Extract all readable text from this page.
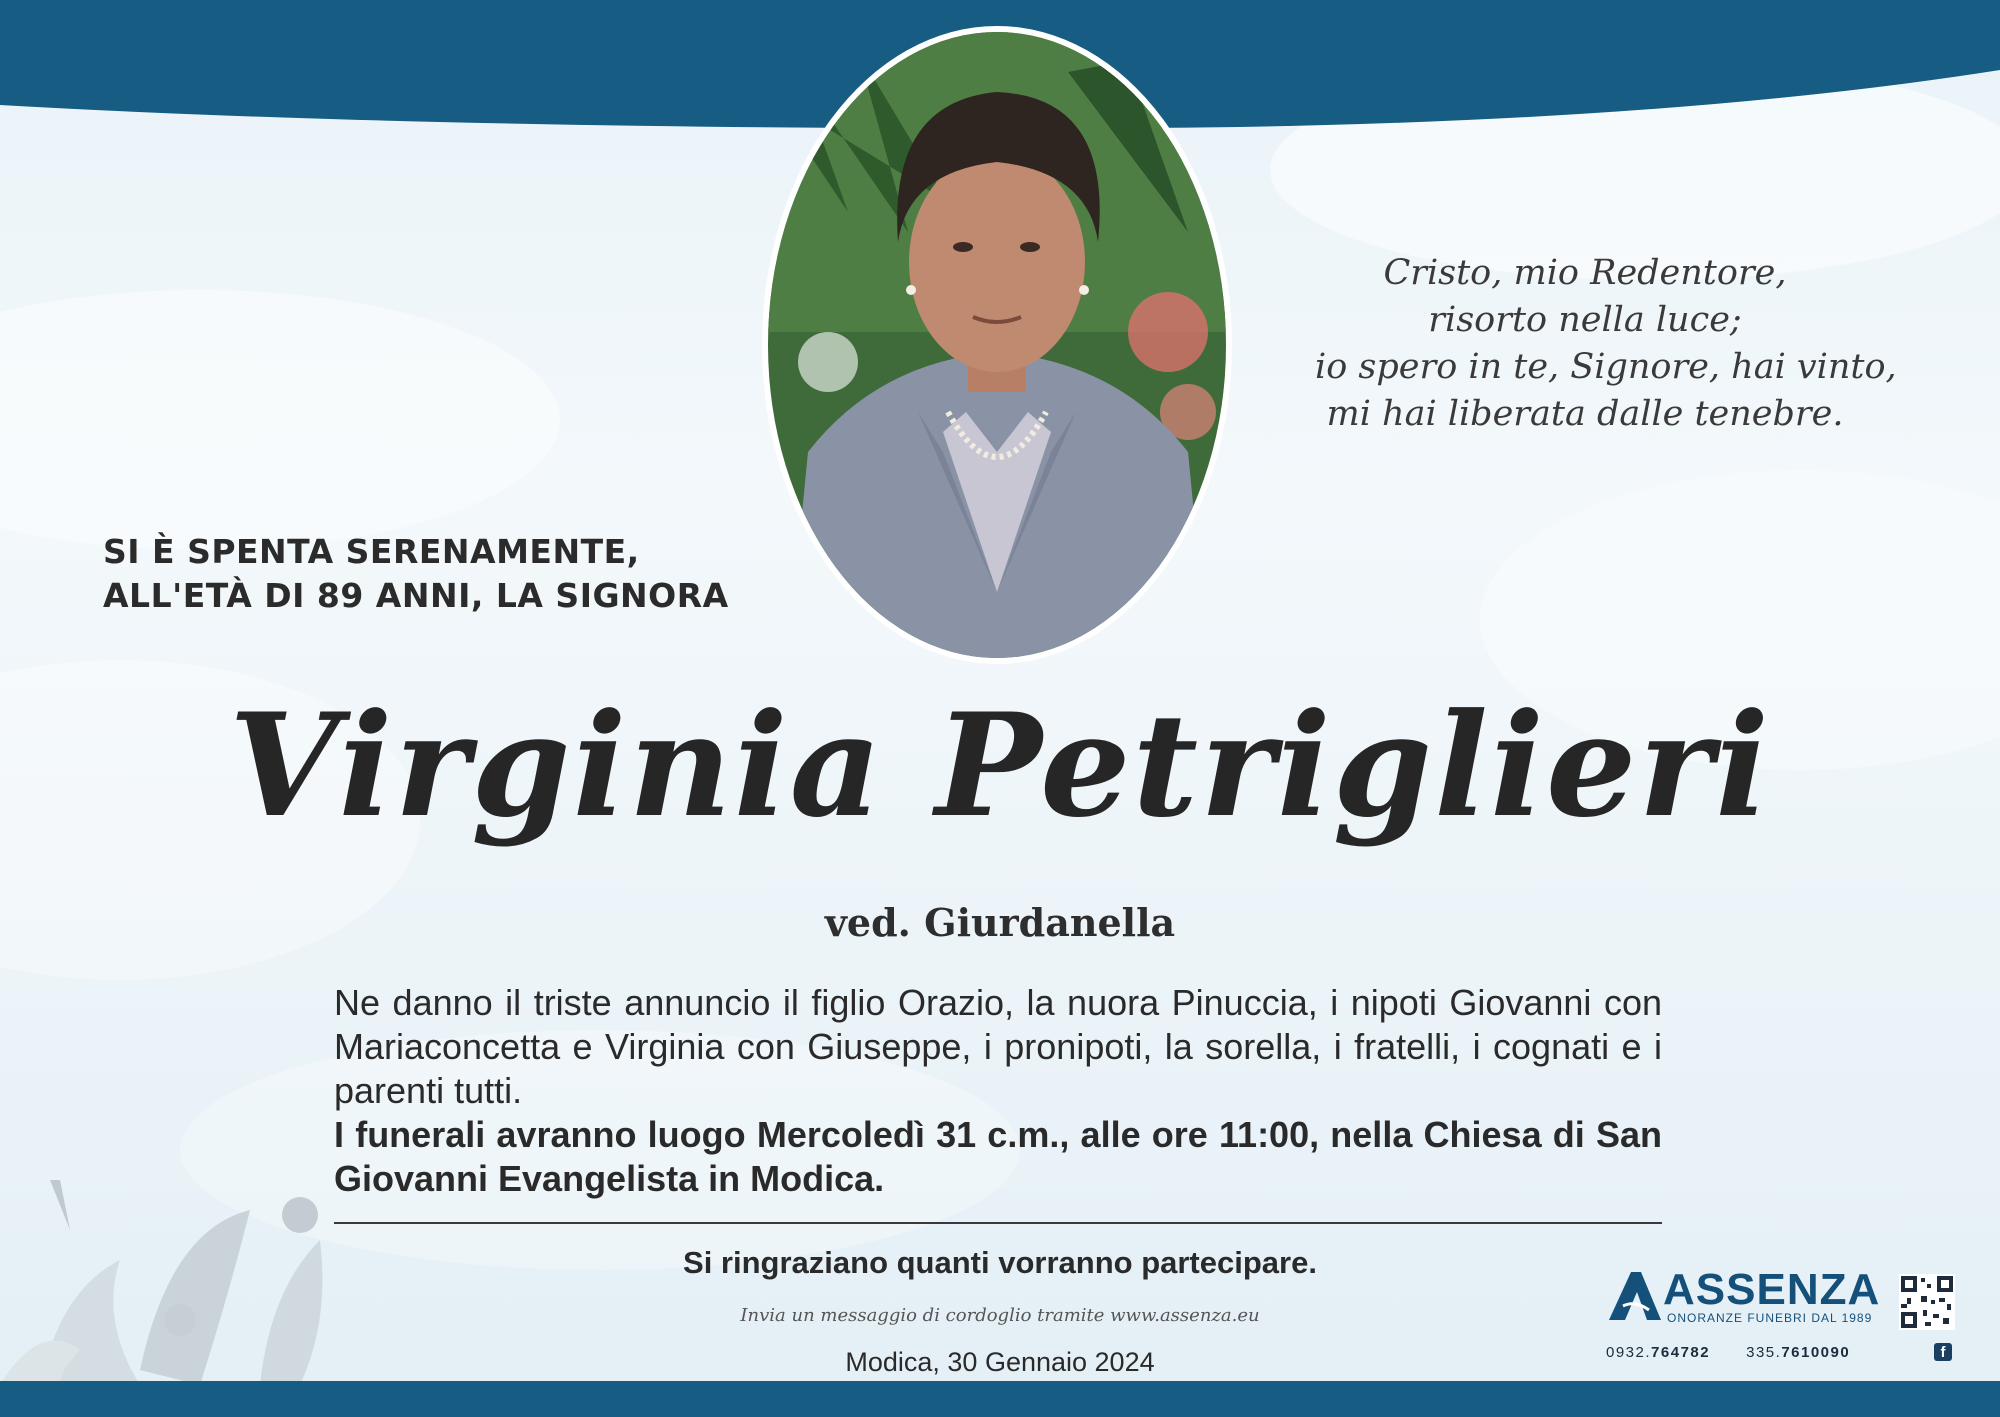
Cristo, mio Redentore,
risorto nella luce;
io spero in te, Signore, hai vinto,
mi hai liberata dalle tenebre.
SI È SPENTA SERENAMENTE,
ALL'ETÀ DI 89 ANNI, LA SIGNORA
Virginia Petriglieri
ved. Giurdanella
Ne danno il triste annuncio il figlio Orazio, la nuora Pinuccia, i nipoti Giovanni con Mariaconcetta e Virginia con Giuseppe, i pronipoti, la sorella, i fratelli, i cognati e i parenti tutti.
I funerali avranno luogo Mercoledì 31 c.m., alle ore 11:00, nella Chiesa di San Giovanni Evangelista in Modica.
Si ringraziano quanti vorranno partecipare.
Invia un messaggio di cordoglio tramite www.assenza.eu
Modica, 30 Gennaio 2024
ASSENZA
ONORANZE FUNEBRI DAL 1989
0932.764782 335.7610090	f
